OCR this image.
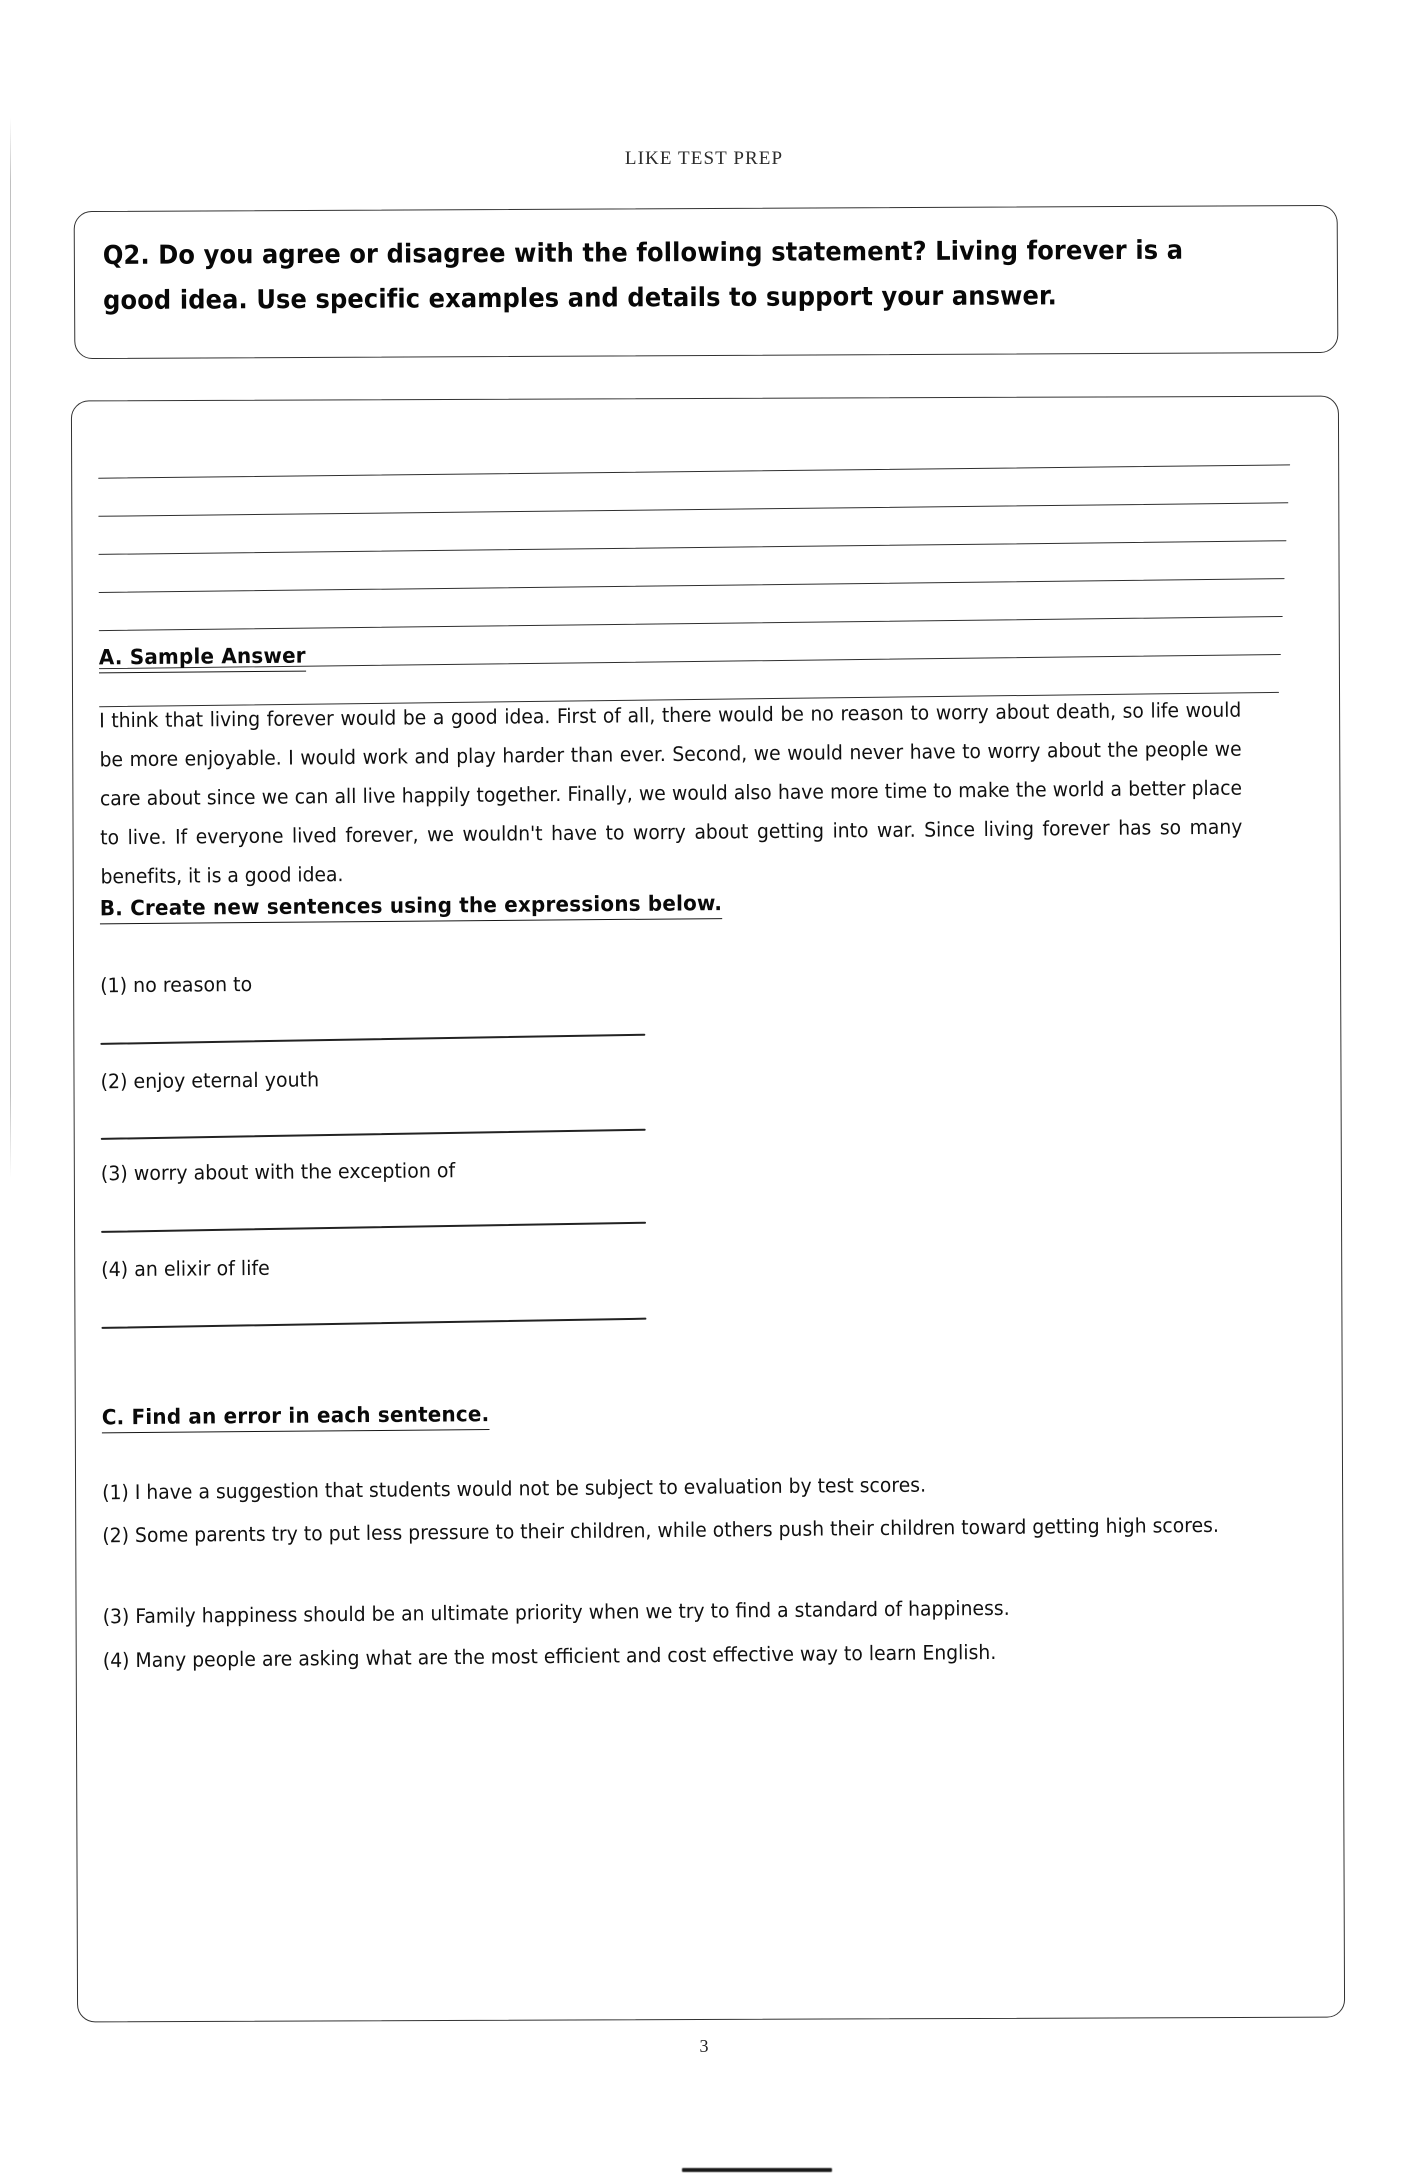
LIKE TEST PREP
Q2. Do you agree or disagree with the following statement? Living forever is a good idea. Use specific examples and details to support your answer.
A. Sample Answer
I think that living forever would be a good idea. First of all, there would be no reason to worry about death, so life would be more enjoyable. I would work and play harder than ever. Second, we would never have to worry about the people we care about since we can all live happily together. Finally, we would also have more time to make the world a better place to live. If everyone lived forever, we wouldn't have to worry about getting into war. Since living forever has so many benefits, it is a good idea.
B. Create new sentences using the expressions below.
(1) no reason to
(2) enjoy eternal youth
(3) worry about with the exception of
(4) an elixir of life
C. Find an error in each sentence.
(1) I have a suggestion that students would not be subject to evaluation by test scores.
(2) Some parents try to put less pressure to their children, while others push their children toward getting high scores.
(3) Family happiness should be an ultimate priority when we try to find a standard of happiness.
(4) Many people are asking what are the most efficient and cost effective way to learn English.
3
